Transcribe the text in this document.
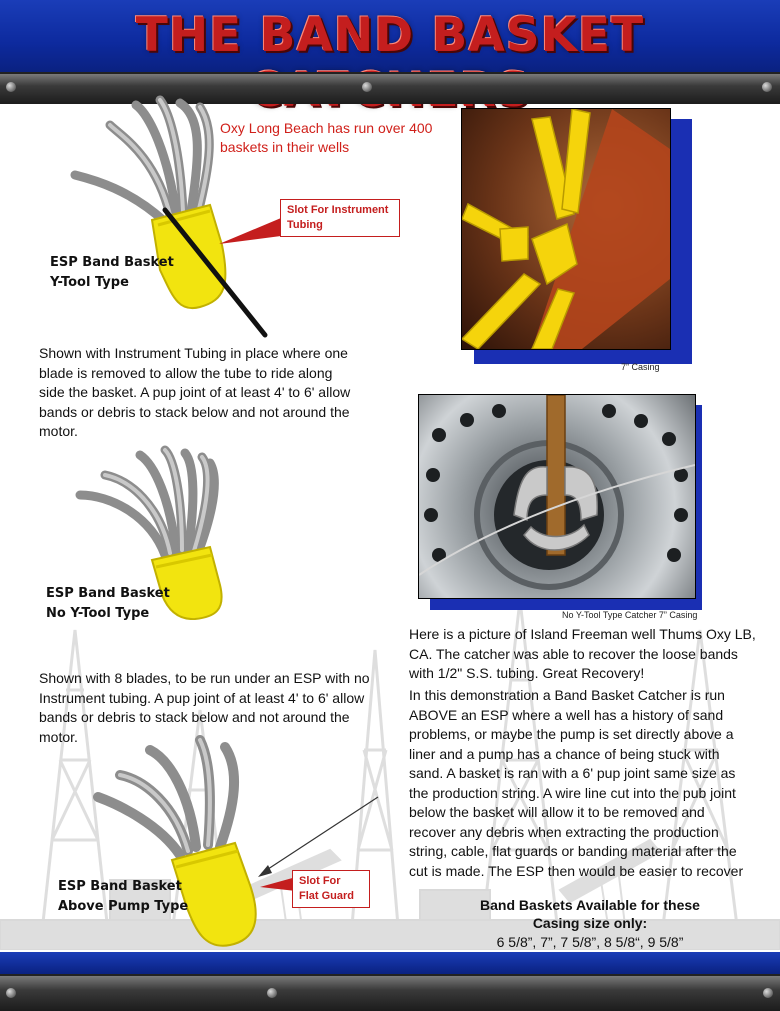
THE BAND BASKET
Slot For Instrument Tubing
ESP Band Basket
Y-Tool Type
Oxy Long Beach has run over 400 baskets in their wells
Shown with Instrument Tubing in place where one blade is removed to allow the tube to ride along side the basket. A pup joint of at least 4' to 6' allow bands or debris to stack below and not around the motor.
7” Casing
No Y-Tool Type Catcher 7” Casing
ESP Band Basket
No Y-Tool Type
Shown with 8 blades, to be run under an ESP with no Instrument tubing. A pup joint of at least 4' to 6' allow bands or debris to stack below and not around the motor.
Slot For Flat Guard
ESP Band Basket
Above Pump Type
Here is a picture of Island Freeman well Thums Oxy LB, CA. The catcher was able to recover the loose bands with 1/2" S.S. tubing. Great Recovery!
In this demonstration a Band Basket Catcher is run ABOVE an ESP where a well has a history of sand problems, or maybe the pump is set directly above a liner and a pump has a chance of being stuck with sand. A basket is ran with a 6' pup joint same size as the production string. A wire line cut into the pub joint below the basket will allow it to be removed and recover any debris when extracting the production string, cable, flat guards or banding material after the cut is made. The ESP then would be easier to recover
Band Baskets Available for these
Casing size only:
6 5/8”, 7”, 7 5/8”, 8 5/8“, 9 5/8”
